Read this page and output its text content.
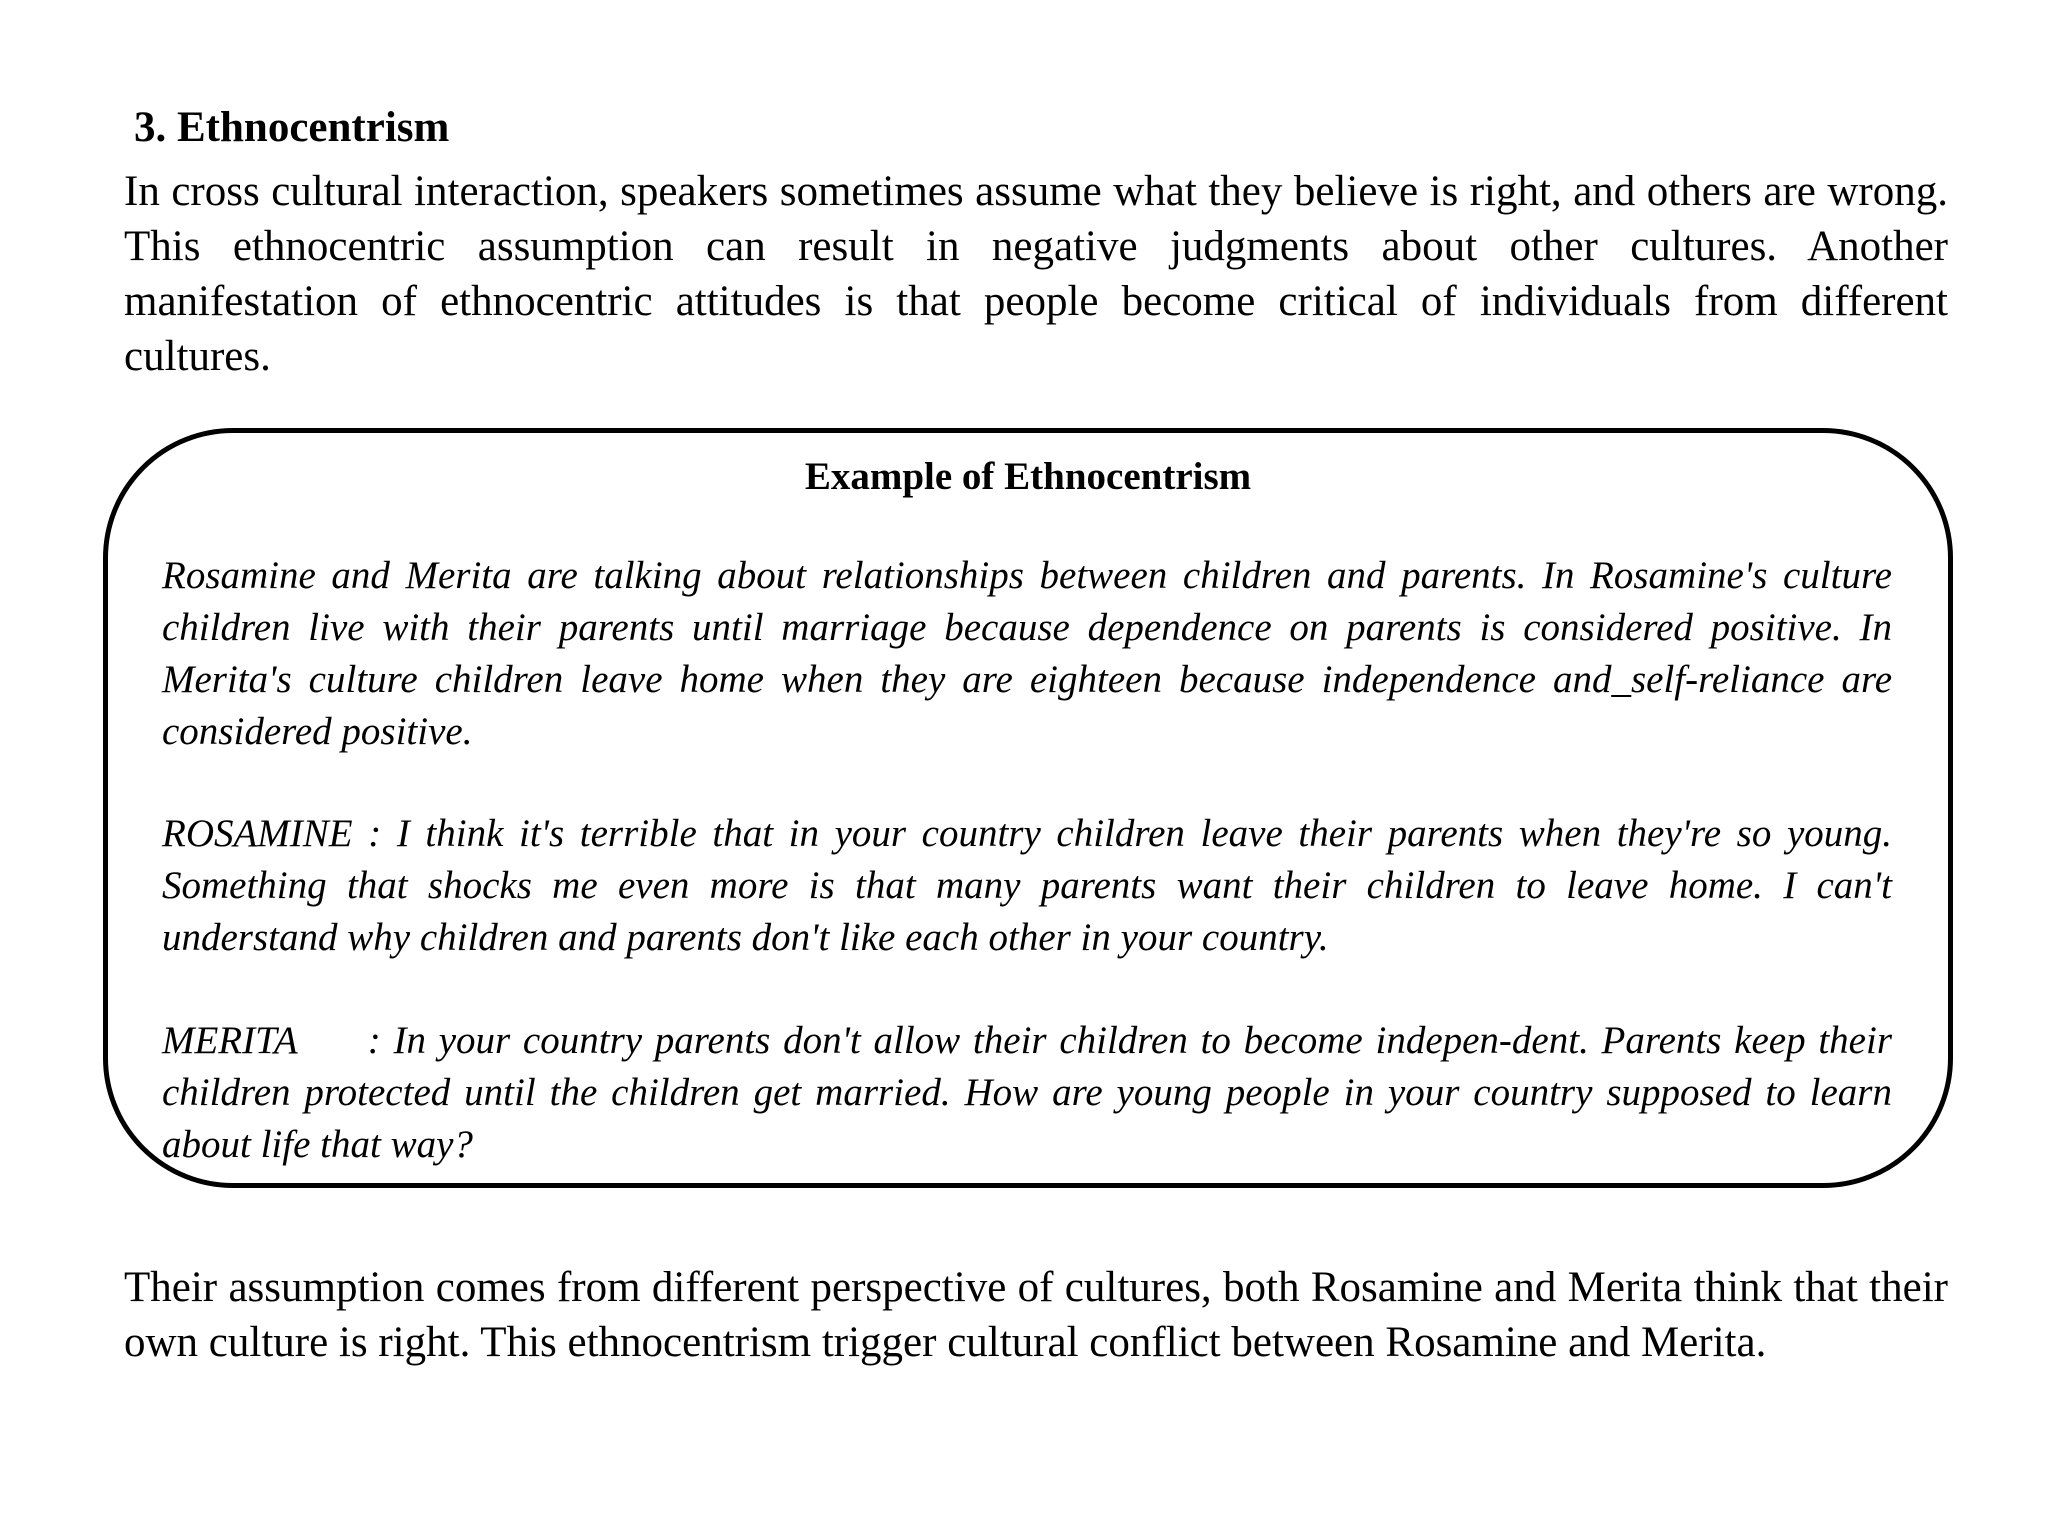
3. Ethnocentrism

In cross cultural interaction, speakers sometimes assume what they believe is right, and others are wrong. This ethnocentric assumption can result in negative judgments about other cultures. Another manifestation of ethnocentric attitudes is that people become critical of individuals from different cultures.

Example of Ethnocentrism

Rosamine and Merita are talking about relationships between children and parents. In Rosamine's culture children live with their parents until marriage because dependence on parents is considered positive. In Merita's culture children leave home when they are eighteen because independence and_self-reliance are considered positive.

ROSAMINE : I think it's terrible that in your country children leave their parents when they're so young. Something that shocks me even more is that many parents want their children to leave home. I can't understand why children and parents don't like each other in your country.

MERITA : In your country parents don't allow their children to become indepen-dent. Parents keep their children protected until the children get married. How are young people in your country supposed to learn about life that way?

Their assumption comes from different perspective of cultures, both Rosamine and Merita think that their own culture is right. This ethnocentrism trigger cultural conflict between Rosamine and Merita.
